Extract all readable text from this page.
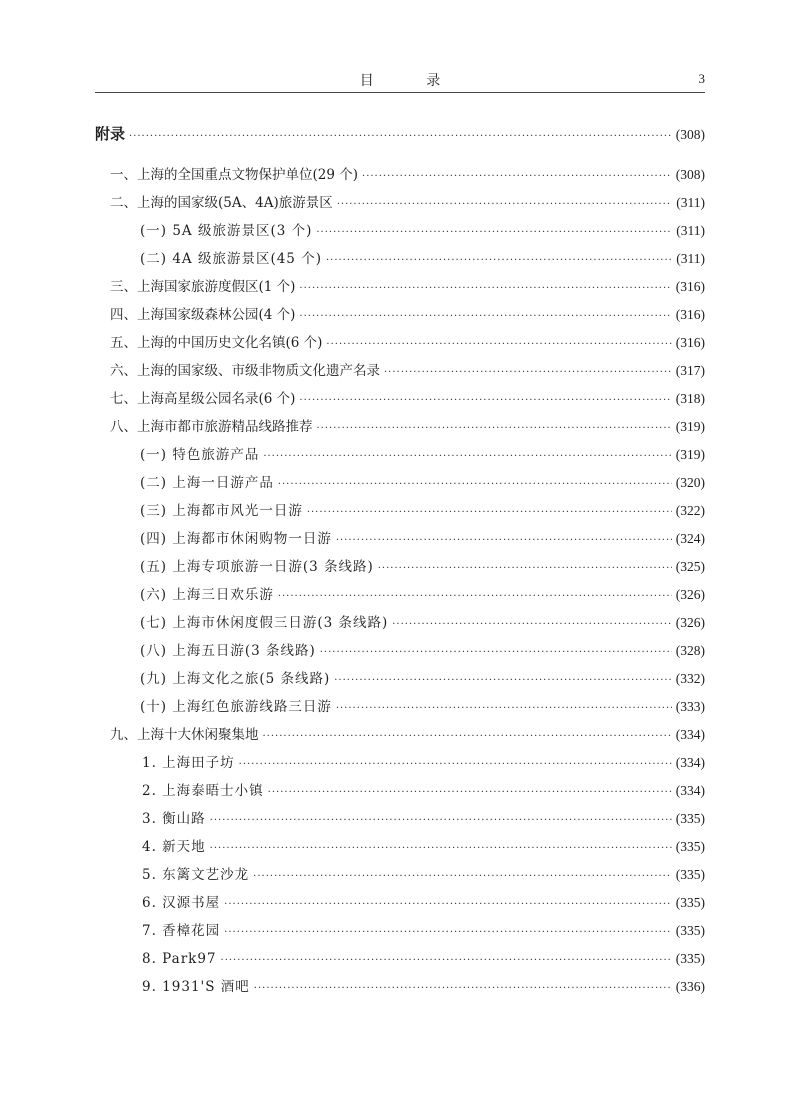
目 录	3
附录 ·····	(308)
一、上海的全国重点文物保护单位(29 个) ·····	(308)
二、上海的国家级(5A、4A)旅游景区 ·····	(311)
(一) 5A 级旅游景区(3 个) ·····	(311)
(二) 4A 级旅游景区(45 个) ·····	(311)
三、上海国家旅游度假区(1 个) ·····	(316)
四、上海国家级森林公园(4 个) ·····	(316)
五、上海的中国历史文化名镇(6 个) ·····	(316)
六、上海的国家级、市级非物质文化遗产名录 ·····	(317)
七、上海高星级公园名录(6 个) ·····	(318)
八、上海市都市旅游精品线路推荐 ·····	(319)
(一) 特色旅游产品 ·····	(319)
(二) 上海一日游产品 ·····	(320)
(三) 上海都市风光一日游 ·····	(322)
(四) 上海都市休闲购物一日游 ·····	(324)
(五) 上海专项旅游一日游(3 条线路) ·····	(325)
(六) 上海三日欢乐游 ·····	(326)
(七) 上海市休闲度假三日游(3 条线路) ·····	(326)
(八) 上海五日游(3 条线路) ·····	(328)
(九) 上海文化之旅(5 条线路) ·····	(332)
(十) 上海红色旅游线路三日游 ·····	(333)
九、上海十大休闲聚集地 ·····	(334)
1. 上海田子坊 ·····	(334)
2. 上海泰晤士小镇 ·····	(334)
3. 衡山路 ·····	(335)
4. 新天地 ·····	(335)
5. 东篱文艺沙龙 ·····	(335)
6. 汉源书屋 ·····	(335)
7. 香樟花园 ·····	(335)
8. Park97 ·····	(335)
9. 1931'S 酒吧 ·····	(336)
